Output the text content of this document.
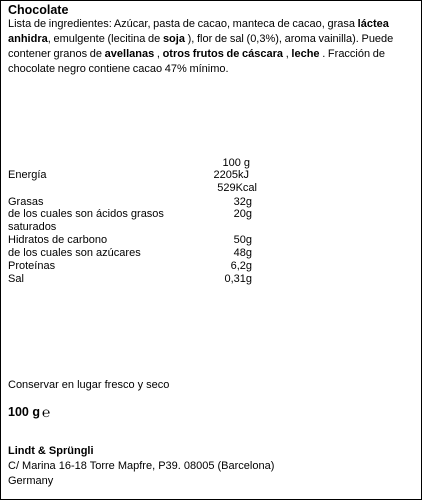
Chocolate
Lista de ingredientes: Azúcar, pasta de cacao, manteca de cacao, grasa láctea
anhidra, emulgente (lecitina de soja ), flor de sal (0,3%), aroma vainilla). Puede
contener granos de avellanas , otros frutos de cáscara , leche . Fracción de
chocolate negro contiene cacao 47% mínimo.
100 g
Energía	2205kJ
529Kcal
Grasas	32g
de los cuales son ácidos grasos	20g
saturados
Hidratos de carbono	50g
de los cuales son azúcares	48g
Proteínas	6,2g
Sal	0,31g
Conservar en lugar fresco y seco
100 g ℮
Lindt & Sprüngli
C/ Marina 16-18 Torre Mapfre, P39. 08005 (Barcelona)
Germany
